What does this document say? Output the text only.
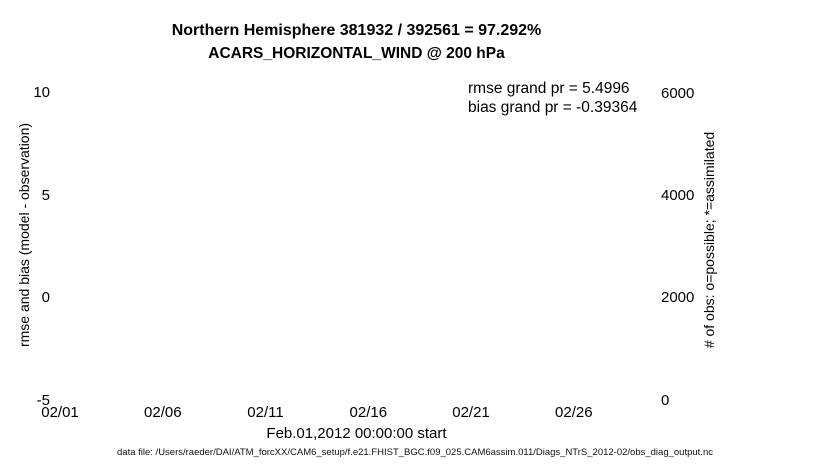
Northern Hemisphere 381932 / 392561 = 97.292%
ACARS_HORIZONTAL_WIND @ 200 hPa
rmse and bias (model - observation)	# of obs: o=possible; *=assimilated
10
5
0
-5
6000
4000
2000
0
02/01	02/06	02/11	02/16	02/21	02/26
Feb.01,2012 00:00:00 start
rmse grand pr = 5.4996
bias grand pr = -0.39364
data file: /Users/raeder/DAI/ATM_forcXX/CAM6_setup/f.e21.FHIST_BGC.f09_025.CAM6assim.011/Diags_NTrS_2012-02/obs_diag_output.nc
